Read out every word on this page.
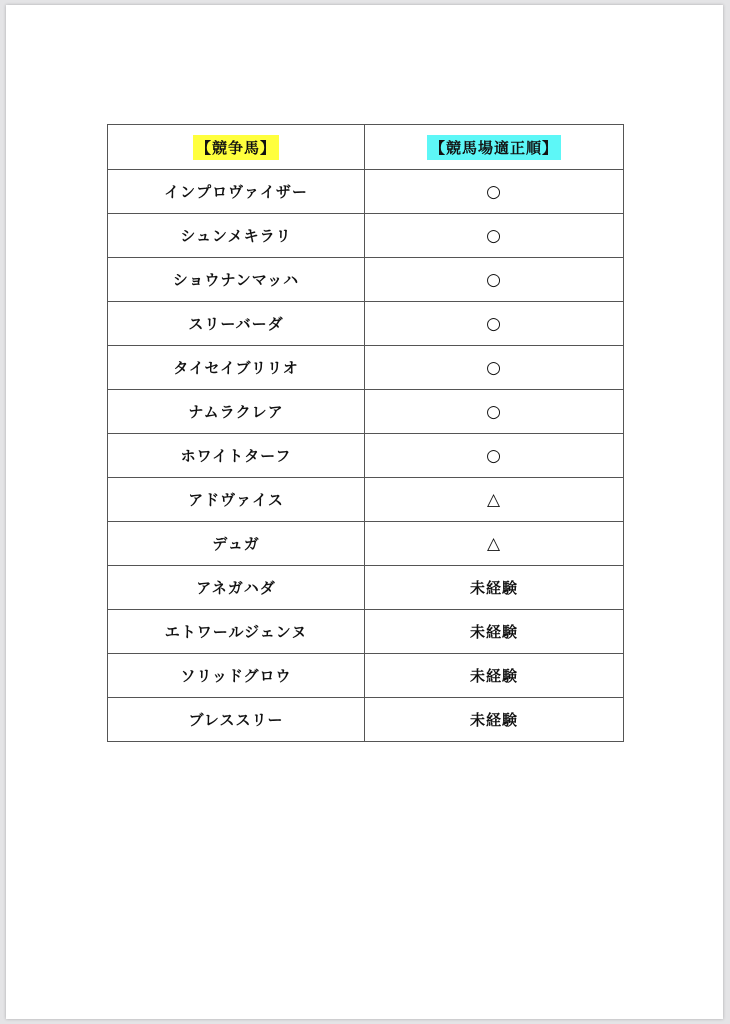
【競争馬】	【競馬場適正順】
インプロヴァイザー	○
シュンメキラリ	○
ショウナンマッハ	○
スリーバーダ	○
タイセイブリリオ	○
ナムラクレア	○
ホワイトターフ	○
アドヴァイス	△
デュガ	△
アネガハダ	未経験
エトワールジェンヌ	未経験
ソリッドグロウ	未経験
ブレススリー	未経験
